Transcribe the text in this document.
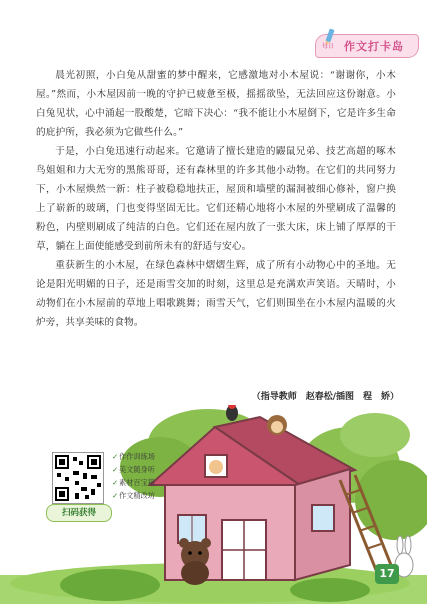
每日 作文打卡岛

晨光初照，小白兔从甜蜜的梦中醒来，它感激地对小木屋说：“谢谢你，小木屋。”然而，小木屋因前一晚的守护已疲惫至极，摇摇欲坠，无法回应这份谢意。小白兔见状，心中涌起一股酸楚，它暗下决心：“我不能让小木屋倒下，它是许多生命的庇护所，我必须为它做些什么。”

于是，小白兔迅速行动起来。它邀请了擅长建造的鼹鼠兄弟、技艺高超的啄木鸟姐姐和力大无穷的黑熊哥哥，还有森林里的许多其他小动物。在它们的共同努力下，小木屋焕然一新：柱子被稳稳地扶正，屋顶和墙壁的漏洞被细心修补，窗户换上了崭新的玻璃，门也变得坚固无比。它们还精心地将小木屋的外壁刷成了温馨的粉色，内壁则刷成了纯洁的白色。它们还在屋内放了一张大床，床上铺了厚厚的干草，躺在上面使能感受到前所未有的舒适与安心。

重获新生的小木屋，在绿色森林中熠熠生辉，成了所有小动物心中的圣地。无论是阳光明媚的日子，还是雨雪交加的时刻，这里总是充满欢声笑语。天晴时，小动物们在小木屋前的草地上唱歌跳舞；雨雪天气，它们则围坐在小木屋内温暖的火炉旁，共享美味的食物。

（指导教师　赵春松/插图　程　娇）
扫码获得
✓作作训练场
✓美文随身听
✓素材百宝箱
✓作文精改坊
17
